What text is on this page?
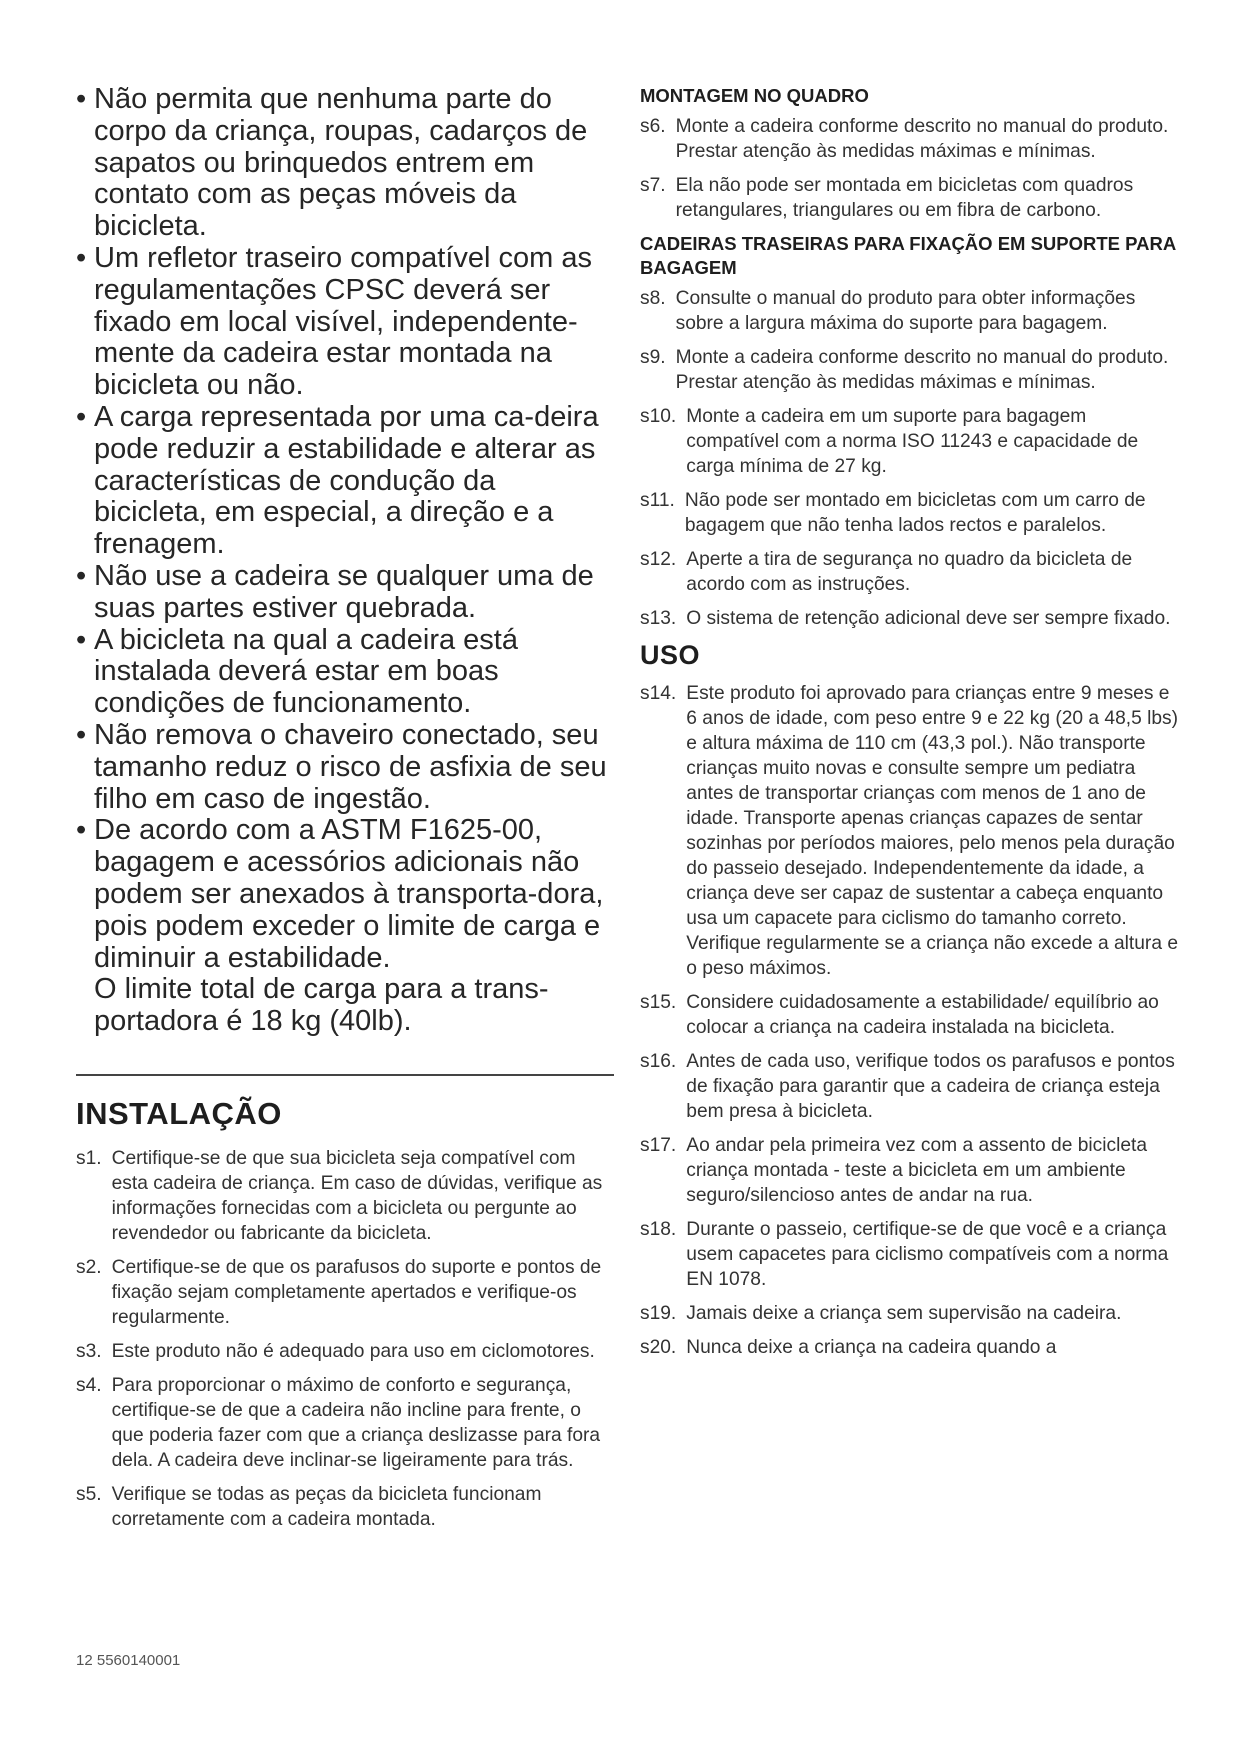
• Não permita que nenhuma parte do corpo da criança, roupas, cadarços de sapatos ou brinquedos entrem em contato com as peças móveis da bicicleta.

• Um refletor traseiro compatível com as regulamentações CPSC deverá ser fixado em local visível, independente-mente da cadeira estar montada na bicicleta ou não.

• A carga representada por uma ca-deira pode reduzir a estabilidade e alterar as características de condução da bicicleta, em especial, a direção e a frenagem.

• Não use a cadeira se qualquer uma de suas partes estiver quebrada.

• A bicicleta na qual a cadeira está instalada deverá estar em boas condições de funcionamento.

• Não remova o chaveiro conectado, seu tamanho reduz o risco de asfixia de seu filho em caso de ingestão.

• De acordo com a ASTM F1625-00, bagagem e acessórios adicionais não podem ser anexados à transporta-dora, pois podem exceder o limite de carga e diminuir a estabilidade.

O limite total de carga para a trans-portadora é 18 kg (40lb).

INSTALAÇÃO
s1. Certifique-se de que sua bicicleta seja compatível com esta cadeira de criança. Em caso de dúvidas, verifique as informações fornecidas com a bicicleta ou pergunte ao revendedor ou fabricante da bicicleta.
s2. Certifique-se de que os parafusos do suporte e pontos de fixação sejam completamente apertados e verifique-os regularmente.
s3. Este produto não é adequado para uso em ciclomotores.
s4. Para proporcionar o máximo de conforto e segurança, certifique-se de que a cadeira não incline para frente, o que poderia fazer com que a criança deslizasse para fora dela. A cadeira deve inclinar-se ligeiramente para trás.
s5. Verifique se todas as peças da bicicleta funcionam corretamente com a cadeira montada.
MONTAGEM NO QUADRO
s6. Monte a cadeira conforme descrito no manual do produto. Prestar atenção às medidas máximas e mínimas.
s7. Ela não pode ser montada em bicicletas com quadros retangulares, triangulares ou em fibra de carbono.
CADEIRAS TRASEIRAS PARA FIXAÇÃO EM SUPORTE PARA BAGAGEM
s8. Consulte o manual do produto para obter informações sobre a largura máxima do suporte para bagagem.
s9. Monte a cadeira conforme descrito no manual do produto. Prestar atenção às medidas máximas e mínimas.
s10. Monte a cadeira em um suporte para bagagem compatível com a norma ISO 11243 e capacidade de carga mínima de 27 kg.
s11. Não pode ser montado em bicicletas com um carro de bagagem que não tenha lados rectos e paralelos.
s12. Aperte a tira de segurança no quadro da bicicleta de acordo com as instruções.
s13. O sistema de retenção adicional deve ser sempre fixado.
USO
s14. Este produto foi aprovado para crianças entre 9 meses e 6 anos de idade, com peso entre 9 e 22 kg (20 a 48,5 lbs) e altura máxima de 110 cm (43,3 pol.). Não transporte crianças muito novas e consulte sempre um pediatra antes de transportar crianças com menos de 1 ano de idade. Transporte apenas crianças capazes de sentar sozinhas por períodos maiores, pelo menos pela duração do passeio desejado. Independentemente da idade, a criança deve ser capaz de sustentar a cabeça enquanto usa um capacete para ciclismo do tamanho correto. Verifique regularmente se a criança não excede a altura e o peso máximos.
s15. Considere cuidadosamente a estabilidade/ equilíbrio ao colocar a criança na cadeira instalada na bicicleta.
s16. Antes de cada uso, verifique todos os parafusos e pontos de fixação para garantir que a cadeira de criança esteja bem presa à bicicleta.
s17. Ao andar pela primeira vez com a assento de bicicleta criança montada - teste a bicicleta em um ambiente seguro/silencioso antes de andar na rua.
s18. Durante o passeio, certifique-se de que você e a criança usem capacetes para ciclismo compatíveis com a norma EN 1078.
s19. Jamais deixe a criança sem supervisão na cadeira.
s20. Nunca deixe a criança na cadeira quando a
12 5560140001
